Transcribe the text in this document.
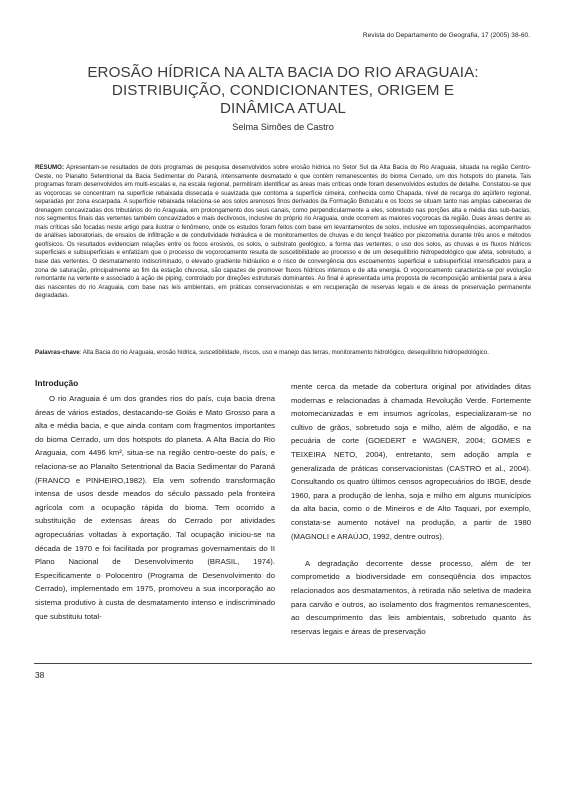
Revista do Departamento de Geografia, 17 (2005) 38-60.
EROSÃO HÍDRICA NA ALTA BACIA DO RIO ARAGUAIA:
DISTRIBUIÇÃO, CONDICIONANTES, ORIGEM E
DINÂMICA ATUAL
Selma Simões de Castro
RESUMO: Apresentam-se resultados de dois programas de pesquisa desenvolvidos sobre erosão hídrica no Setor Sul da Alta Bacia do Rio Araguaia, situada na região Centro-Oeste, no Planalto Setentrional da Bacia Sedimentar do Paraná, intensamente desmatado e que contém remanescentes do bioma Cerrado, um dos hotspots do planeta. Tais programas foram desenvolvidos em multi-escalas e, na escala regional, permitiram identificar as áreas mais críticas onde foram desenvolvidos estudos de detalhe. Constatou-se que as voçorocas se concentram na superfície rebaixada dissecada e suavizada que contorna a superfície cimeira, conhecida como Chapada, nível de recarga do aqüífero regional, separadas por zona escarpada. A superfície rebaixada relaciona-se aos solos arenosos finos derivados da Formação Botucatu e os focos se situam tanto nas amplas cabeceiras de drenagem concavizadas dos tributários do rio Araguaia, em prolongamento dos seus canais, como perpendicularmente a eles, sobretudo nas porções alta e média das sub-bacias, nos segmentos finais das vertentes também concavizados e mais declivosos, inclusive do próprio rio Araguaia, onde ocorrem as maiores voçorocas da região. Duas áreas dentre as mais críticas são focadas neste artigo para ilustrar o fenômeno, onde os estudos foram feitos com base em levantamentos de solos, inclusive em topossequências, acompanhados de análises laboratoriais, de ensaios de infiltração e de condutividade hidráulica e de monitoramentos de chuvas e do lençol freático por piezometria durante três anos e métodos geofísicos. Os resultados evidenciam relações entre os focos erosivos, os solos, o substrato geológico, a forma das vertentes, o uso dos solos, as chuvas e os fluxos hídricos superficiais e subsuperficiais e enfatizam que o processo de voçorocamento resulta de suscetibilidade ao processo e de um desequilíbrio hidropedológico que afeta, sobretudo, a base das vertentes. O desmatamento indiscriminado, o elevado gradiente hidráulico e o risco de convergência dos escoamentos superficial e subsuperficial intensificados para a zona de saturação, principalmente ao fim da estação chuvosa, são capazes de promover fluxos hídricos intensos e de alta energia. O voçorocamento caracteriza-se por evolução remontante na vertente e associado à ação de piping, controlado por direções estruturais dominantes. Ao final é apresentada uma proposta de recomposição ambiental para a área das nascentes do rio Araguaia, com base nas leis ambientais, em práticas conservacionistas e em recuperação de reservas legais e de áreas de preservação permanente degradadas.
Palavras-chave: Alta Bacia do rio Araguaia, erosão hídrica, suscetibilidade, riscos, uso e manejo das terras, monitoramento hidrológico, desequilíbrio hidropedológico.
Introdução

O rio Araguaia é um dos grandes rios do país, cuja bacia drena áreas de vários estados, destacando-se Goiás e Mato Grosso para a alta e média bacia, e que ainda contam com fragmentos importantes do bioma Cerrado, um dos hotspots do planeta. A Alta Bacia do Rio Araguaia, com 4496 km², situa-se na região centro-oeste do país, e relaciona-se ao Planalto Setentrional da Bacia Sedimentar do Paraná (FRANCO e PINHEIRO,1982). Ela vem sofrendo transformação intensa de usos desde meados do século passado pela fronteira agrícola com a ocupação rápida do bioma. Tem ocorrido a substituição de extensas áreas do Cerrado por atividades agropecuárias voltadas à exportação. Tal ocupação iniciou-se na década de 1970 e foi facilitada por programas governamentais do II Plano Nacional de Desenvolvimento (BRASIL, 1974). Especificamente o Polocentro (Programa de Desenvolvimento do Cerrado), implementado em 1975, promoveu a sua incorporação ao sistema produtivo à custa de desmatamento intenso e indiscriminado que substituiu total-

mente cerca da metade da cobertura original por atividades ditas modernas e relacionadas à chamada Revolução Verde. Fortemente motomecanizadas e em insumos agrícolas, especializaram-se no cultivo de grãos, sobretudo soja e milho, além de algodão, e na pecuária de corte (GOEDERT e WAGNER, 2004; GOMES e TEIXEIRA NETO, 2004), entretanto, sem adoção ampla e generalizada de práticas conservacionistas (CASTRO et al., 2004). Consultando os quatro últimos censos agropecuários do IBGE, desde 1960, para a produção de lenha, soja e milho em alguns municípios da alta bacia, como o de Mineiros e de Alto Taquari, por exemplo, constata-se aumento notável na produção, a partir de 1980 (MAGNOLI e ARAÚJO, 1992, dentre outros).

A degradação decorrente desse processo, além de ter comprometido a biodiversidade em conseqüência dos impactos relacionados aos desmatamentos, à retirada não seletiva de madeira para carvão e outros, ao isolamento dos fragmentos remanescentes, ao descumprimento das leis ambientais, sobretudo quanto às reservas legais e áreas de preservação

38
